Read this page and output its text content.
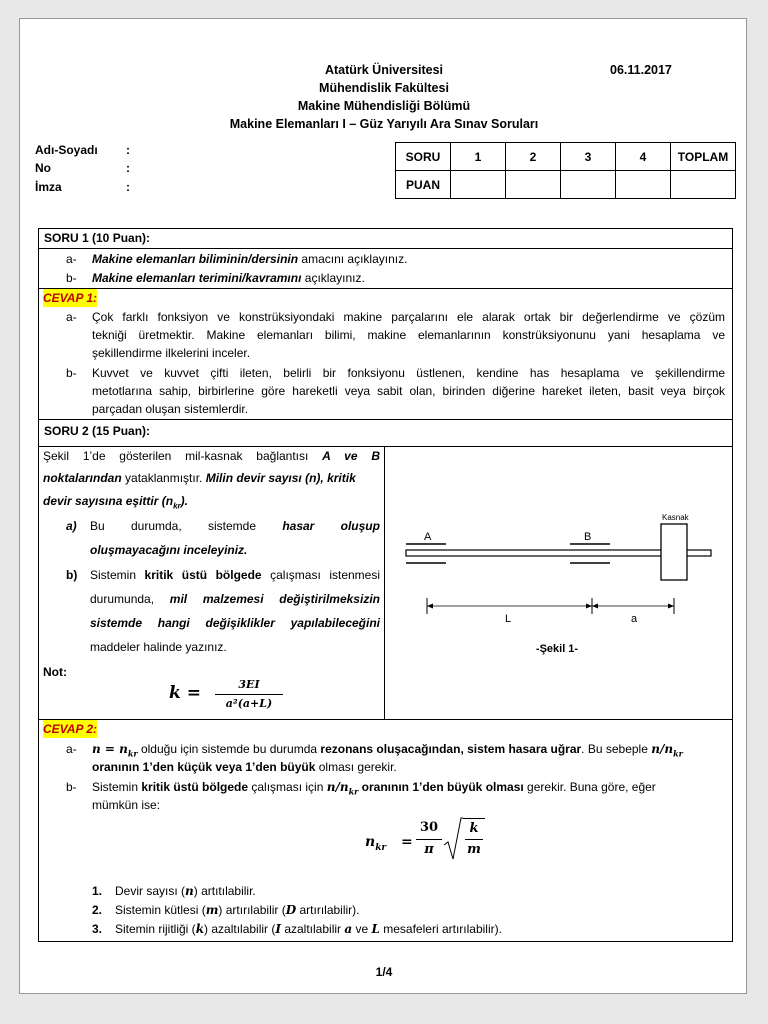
Atatürk Üniversitesi	06.11.2017
Mühendislik Fakültesi
Makine Mühendisliği Bölümü
Makine Elemanları I – Güz Yarıyılı Ara Sınav Soruları
Adı-Soyadı :
No	:
İmza	:
SORU	1	2	3	4	TOPLAM
PUAN					
SORU 1 (10 Puan):
a- Makine elemanları biliminin/dersinin amacını açıklayınız.
b- Makine elemanları terimini/kavramını açıklayınız.
CEVAP 1:
a- Çok farklı fonksiyon ve konstrüksiyondaki makine parçalarını ele alarak ortak bir değerlendirme ve çözüm
tekniği üretmektir. Makine elemanları bilimi, makine elemanlarının konstrüksiyonunu yani hesaplama ve
şekillendirme ilkelerini inceler.
b- Kuvvet ve kuvvet çifti ileten, belirli bir fonksiyonu üstlenen, kendine has hesaplama ve şekillendirme
metotlarına sahip, birbirlerine göre hareketli veya sabit olan, birinden diğerine hareket ileten, basit veya birçok
parçadan oluşan sistemlerdir.
SORU 2 (15 Puan):
Şekil 1’de gösterilen mil-kasnak bağlantısı A ve B
noktalarından yataklanmıştır. Milin devir sayısı (n), kritik
devir sayısına eşittir $(n_{kr})$.
a) Bu durumda, sistemde hasar oluşup
oluşmayacağını inceleyiniz.
b) Sistemin kritik üstü bölgede çalışması istenmesi
durumunda, mil malzemesi değiştirilmeksizin
sistemde hangi değişiklikler yapılabileceğini
maddeler halinde yazınız.
Not:
k =	3EI
a²(a+L)
Kasnak
A	B
L	a
-Şekil 1-
CEVAP 2:
a- $n = n_{kr}$ olduğu için sistemde bu durumda rezonans oluşacağından, sistem hasara uğrar. Bu sebeple $n/n_{kr}$
oranının 1’den küçük veya 1’den büyük olması gerekir.
b- Sistemin kritik üstü bölgede çalışması için $n/n_{kr}$ oranının 1’den büyük olması gerekir. Buna göre, eğer
mümkün ise:
$n_{kr}$ =
30
π
k
m
1. Devir sayısı (n) artıtılabilir.
2. Sistemin kütlesi (m) artırılabilir (D artırılabilir).
3. Sitemin rijitliği (k) azaltılabilir (I azaltılabilir a ve L mesafeleri artırılabilir).
1/4
